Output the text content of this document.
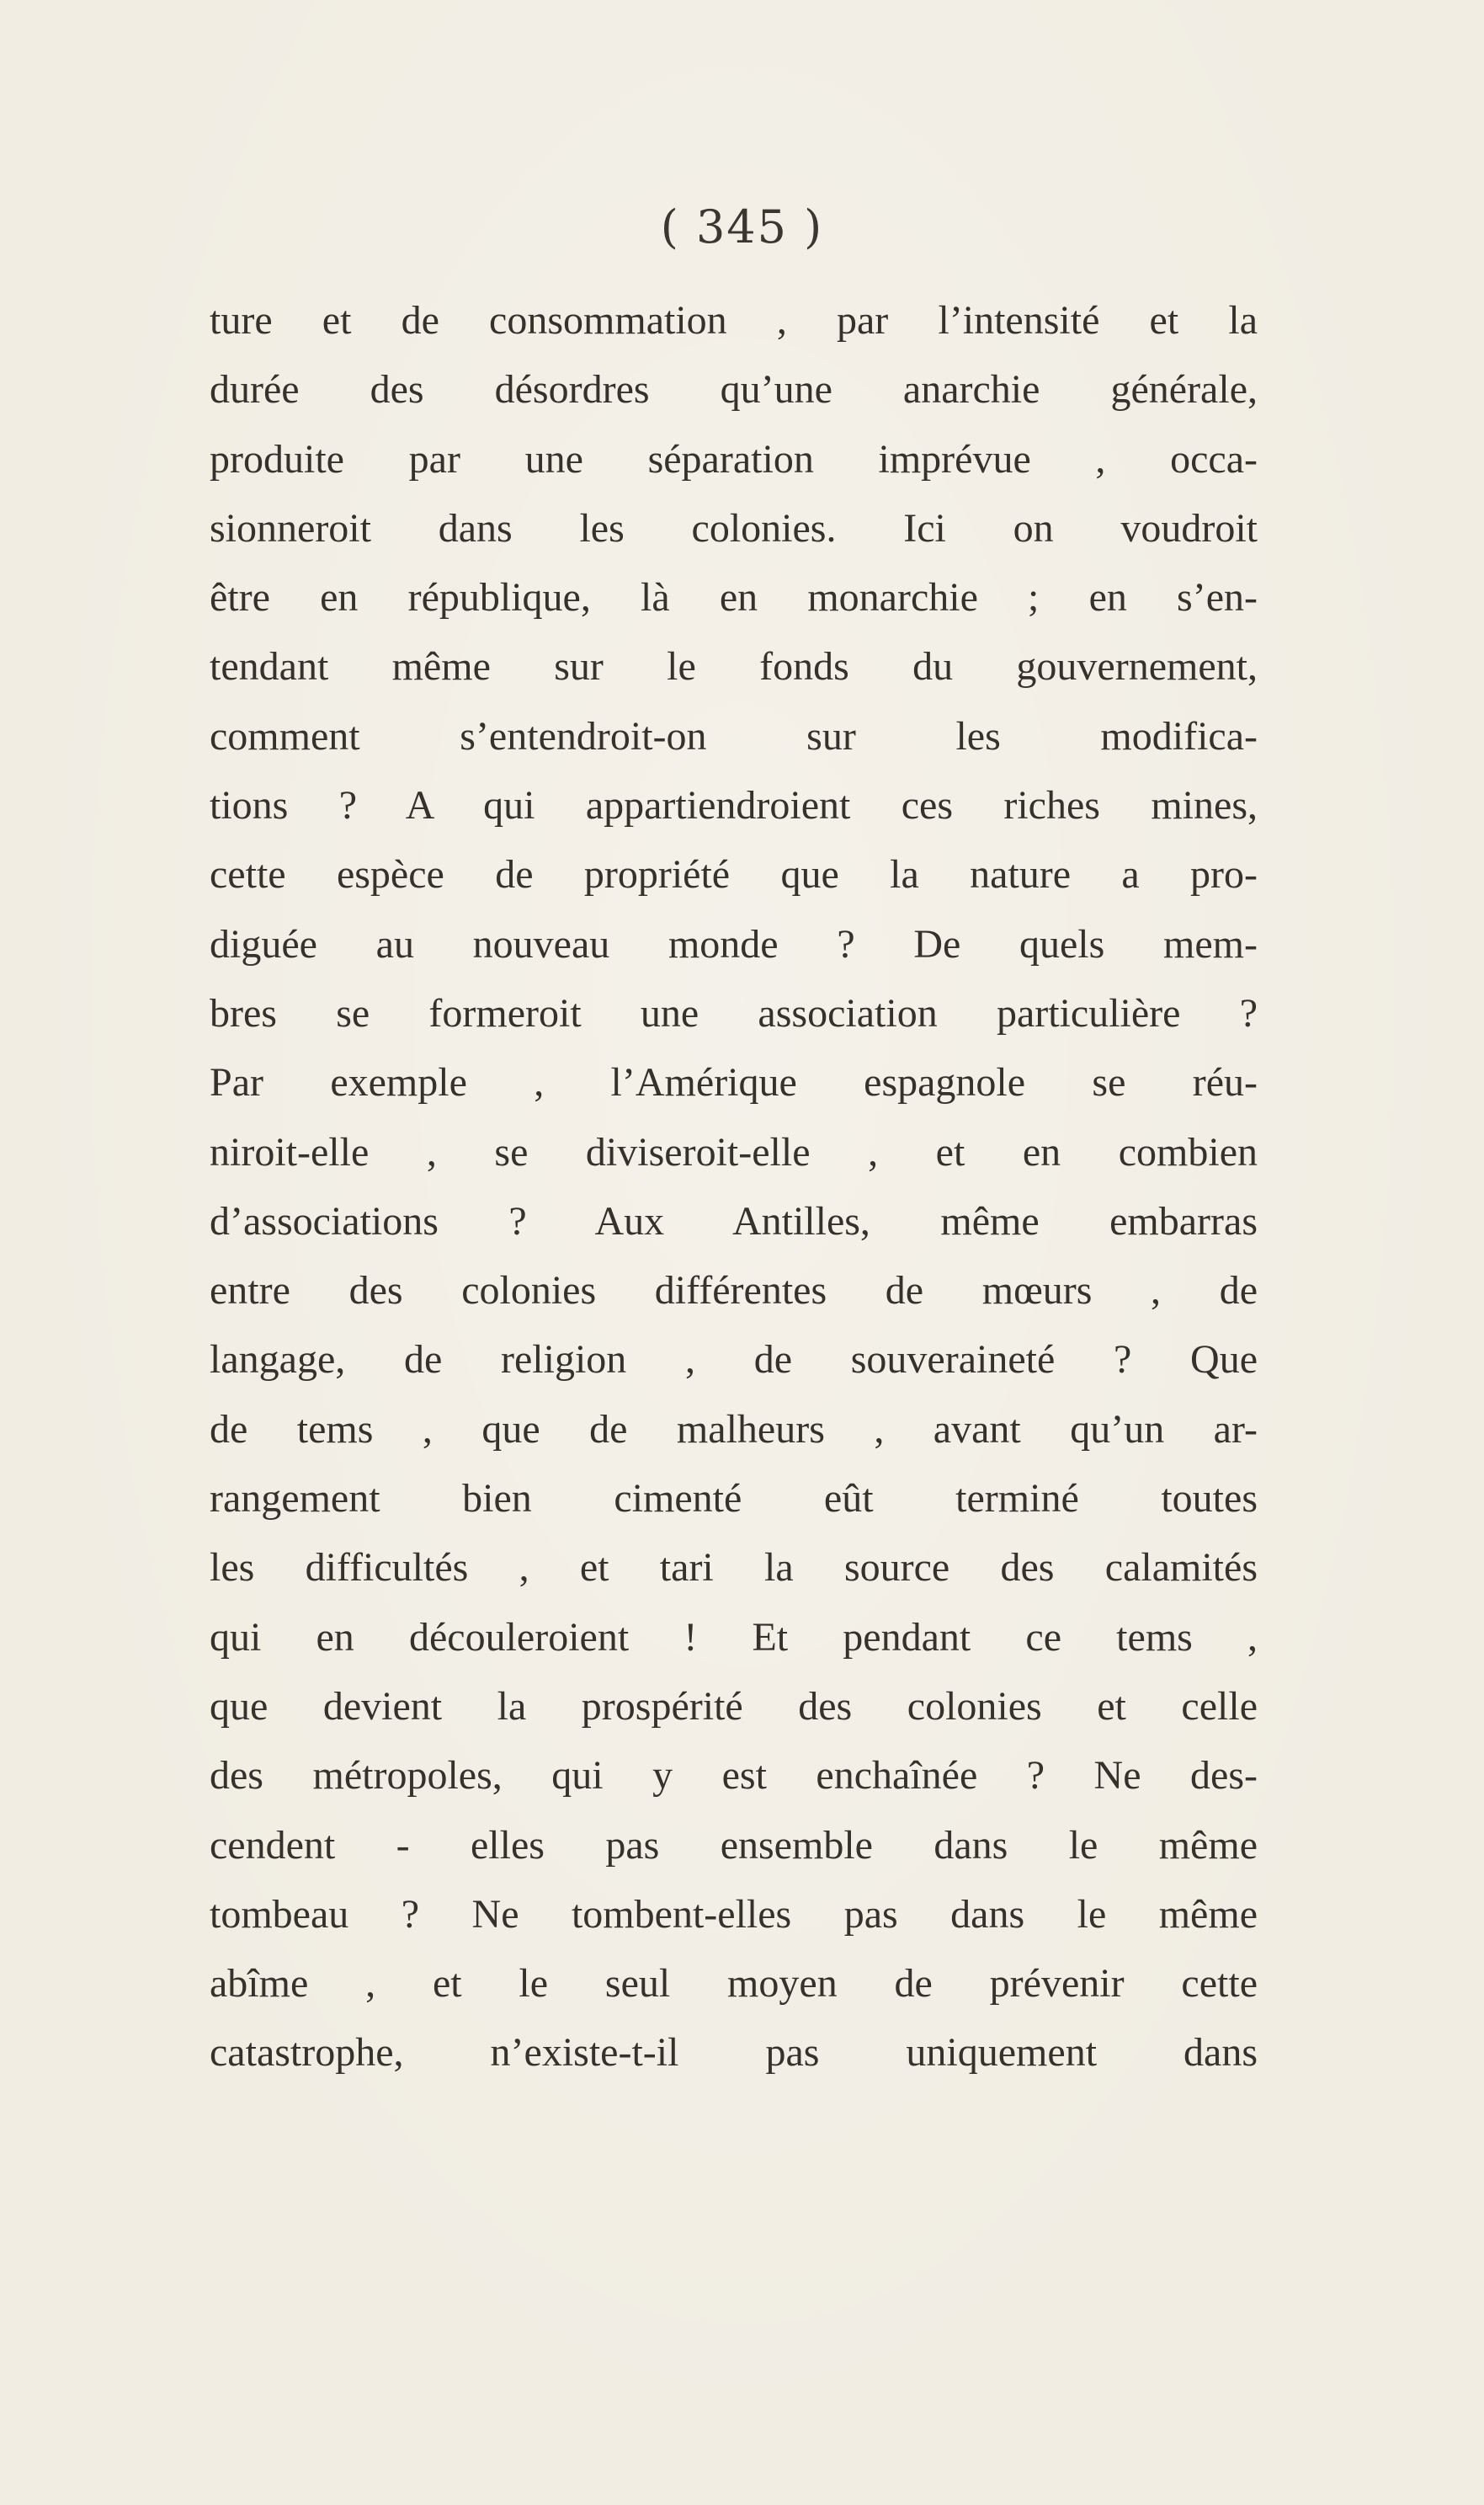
( 345 )
ture et de consommation , par l’intensité et la
durée des désordres qu’une anarchie générale,
produite par une séparation imprévue , occa-
sionneroit dans les colonies. Ici on voudroit
être en république, là en monarchie ; en s’en-
tendant même sur le fonds du gouvernement,
comment s’entendroit-on sur les modifica-
tions ? A qui appartiendroient ces riches mines,
cette espèce de propriété que la nature a pro-
diguée au nouveau monde ? De quels mem-
bres se formeroit une association particulière ?
Par exemple , l’Amérique espagnole se réu-
niroit-elle , se diviseroit-elle , et en combien
d’associations ? Aux Antilles, même embarras
entre des colonies différentes de mœurs , de
langage, de religion , de souveraineté ? Que
de tems , que de malheurs , avant qu’un ar-
rangement bien cimenté eût terminé toutes
les difficultés , et tari la source des calamités
qui en découleroient ! Et pendant ce tems ,
que devient la prospérité des colonies et celle
des métropoles, qui y est enchaînée ? Ne des-
cendent - elles pas ensemble dans le même
tombeau ? Ne tombent-elles pas dans le même
abîme , et le seul moyen de prévenir cette
catastrophe, n’existe-t-il pas uniquement dans
